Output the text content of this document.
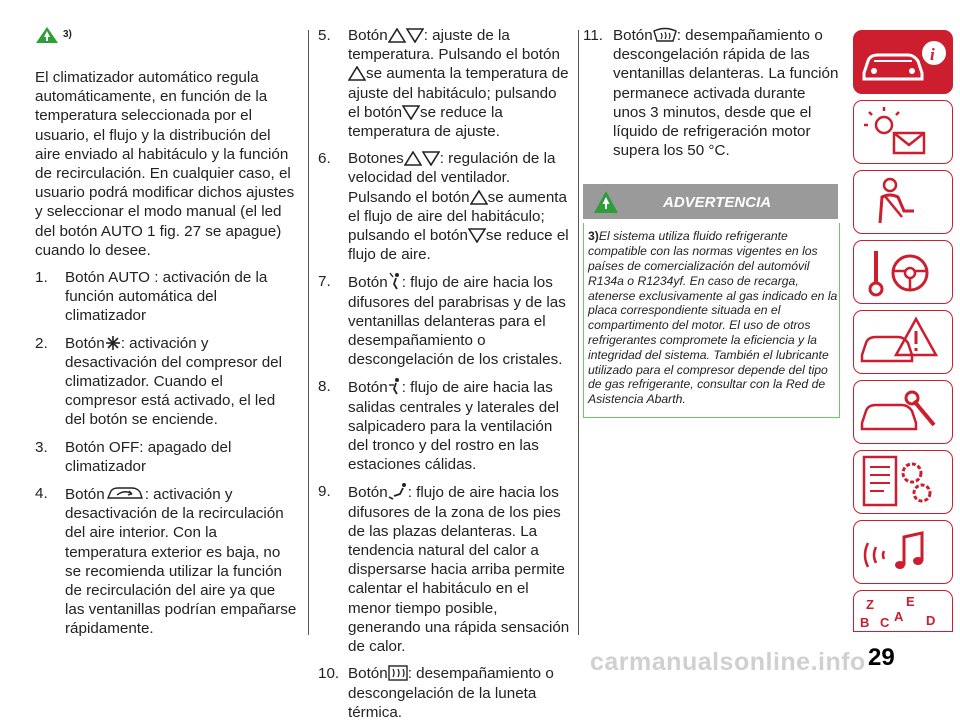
3)

El climatizador automático regula automáticamente, en función de la temperatura seleccionada por el usuario, el flujo y la distribución del aire enviado al habitáculo y la función de recirculación. En cualquier caso, el usuario podrá modificar dichos ajustes y seleccionar el modo manual (el led del botón AUTO 1 fig. 27 se apague) cuando lo desee.

1.	Botón AUTO : activación de la función automática del climatizador
2.	Botón : activación y desactivación del compresor del climatizador. Cuando el compresor está activado, el led del botón se enciende.
3.	Botón OFF: apagado del climatizador
4.	Botón	: activación y desactivación de la recirculación del aire interior. Con la temperatura exterior es baja, no se recomienda utilizar la función de recirculación del aire ya que las ventanillas podrían empañarse rápidamente.
5.	Botón : ajuste de la temperatura. Pulsando el botón se aumenta la temperatura de ajuste del habitáculo; pulsando el botón se reduce la temperatura de ajuste.
6.	Botones : regulación de la velocidad del ventilador. Pulsando el botón se aumenta el flujo de aire del habitáculo; pulsando el botón se reduce el flujo de aire.
7.	Botón : flujo de aire hacia los difusores del parabrisas y de las ventanillas delanteras para el desempañamiento o descongelación de los cristales.
8.	Botón : flujo de aire hacia las salidas centrales y laterales del salpicadero para la ventilación del tronco y del rostro en las estaciones cálidas.
9.	Botón : flujo de aire hacia los difusores de la zona de los pies de las plazas delanteras. La tendencia natural del calor a dispersarse hacia arriba permite calentar el habitáculo en el menor tiempo posible, generando una rápida sensación de calor.
10. Botón : desempañamiento o descongelación de la luneta térmica.
11. Botón : desempañamiento o descongelación rápida de las ventanillas delanteras. La función permanece activada durante unos 3 minutos, desde que el líquido de refrigeración motor supera los 50 °C.
ADVERTENCIA
3)El sistema utiliza fluido refrigerante compatible con las normas vigentes en los países de comercialización del automóvil R134a o R1234yf. En caso de recarga, atenerse exclusivamente al gas indicado en la placa correspondiente situada en el compartimento del motor. El uso de otros refrigerantes compromete la eficiencia y la integridad del sistema. También el lubricante utilizado para el compresor depende del tipo de gas refrigerante, consultar con la Red de Asistencia Abarth.
i
Z E
A
B	D
C
carmanualsonline.info 29
